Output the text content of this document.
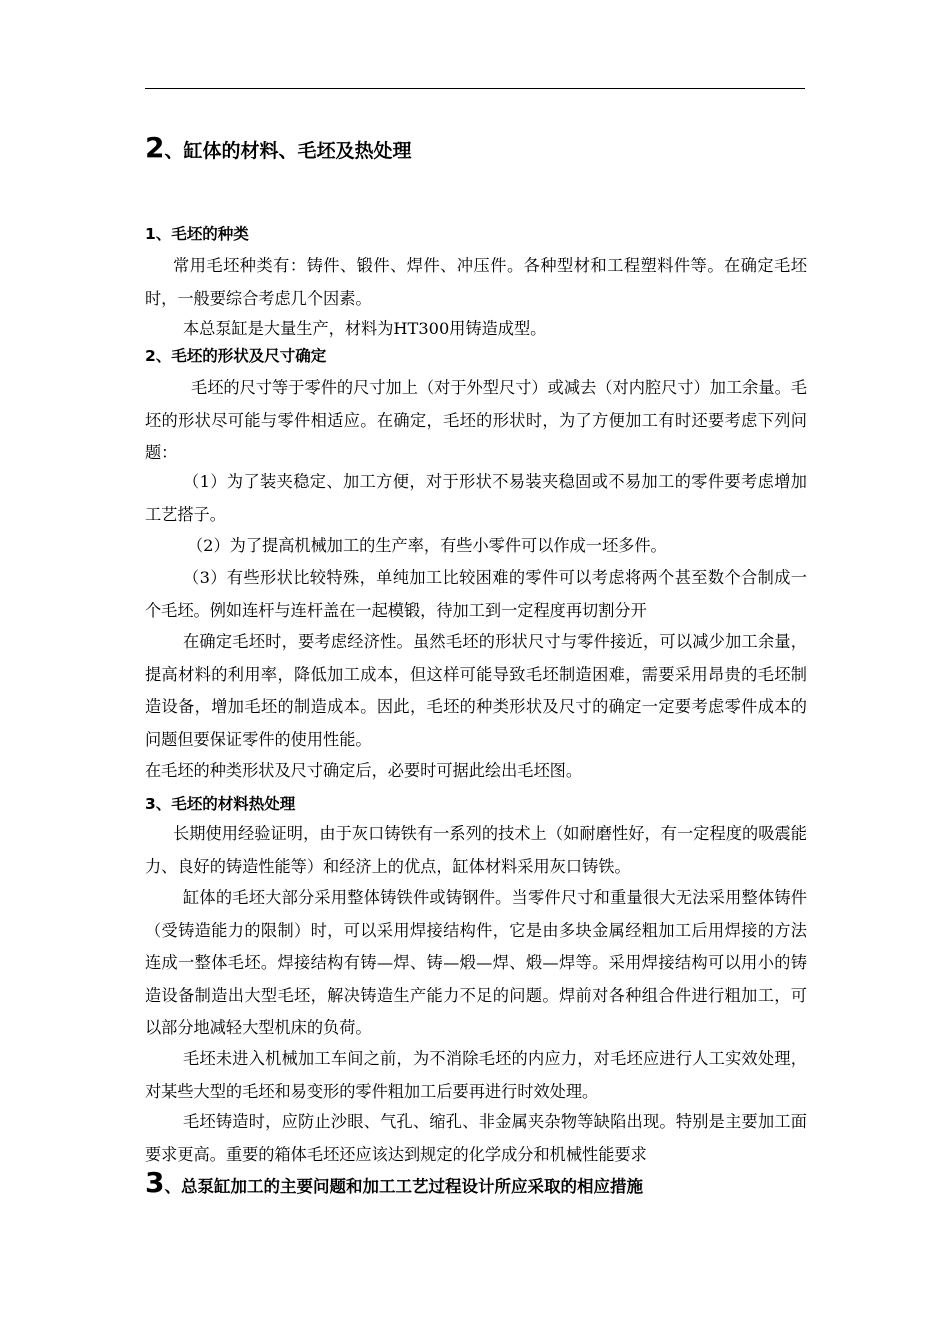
2、缸体的材料、毛坯及热处理
1、毛坯的种类

常用毛坯种类有：铸件、锻件、焊件、冲压件。各种型材和工程塑料件等。在确定毛坯时，一般要综合考虑几个因素。

本总泵缸是大量生产，材料为HT300用铸造成型。

2、毛坯的形状及尺寸确定

毛坯的尺寸等于零件的尺寸加上（对于外型尺寸）或减去（对内腔尺寸）加工余量。毛坯的形状尽可能与零件相适应。在确定，毛坯的形状时，为了方便加工有时还要考虑下列问题：

（1）为了装夹稳定、加工方便，对于形状不易装夹稳固或不易加工的零件要考虑增加工艺搭子。

（2）为了提高机械加工的生产率，有些小零件可以作成一坯多件。

（3）有些形状比较特殊，单纯加工比较困难的零件可以考虑将两个甚至数个合制成一个毛坯。例如连杆与连杆盖在一起模锻，待加工到一定程度再切割分开

在确定毛坯时，要考虑经济性。虽然毛坯的形状尺寸与零件接近，可以减少加工余量，提高材料的利用率，降低加工成本，但这样可能导致毛坯制造困难，需要采用昂贵的毛坯制造设备，增加毛坯的制造成本。因此，毛坯的种类形状及尺寸的确定一定要考虑零件成本的问题但要保证零件的使用性能。

在毛坯的种类形状及尺寸确定后，必要时可据此绘出毛坯图。

3、毛坯的材料热处理

长期使用经验证明，由于灰口铸铁有一系列的技术上（如耐磨性好，有一定程度的吸震能力、良好的铸造性能等）和经济上的优点，缸体材料采用灰口铸铁。

缸体的毛坯大部分采用整体铸铁件或铸钢件。当零件尺寸和重量很大无法采用整体铸件（受铸造能力的限制）时，可以采用焊接结构件，它是由多块金属经粗加工后用焊接的方法连成一整体毛坯。焊接结构有铸—焊、铸—煅—焊、煅—焊等。采用焊接结构可以用小的铸造设备制造出大型毛坯，解决铸造生产能力不足的问题。焊前对各种组合件进行粗加工，可以部分地减轻大型机床的负荷。

毛坯未进入机械加工车间之前，为不消除毛坯的内应力，对毛坯应进行人工实效处理，对某些大型的毛坯和易变形的零件粗加工后要再进行时效处理。

毛坯铸造时，应防止沙眼、气孔、缩孔、非金属夹杂物等缺陷出现。特别是主要加工面要求更高。重要的箱体毛坯还应该达到规定的化学成分和机械性能要求

3、总泵缸加工的主要问题和加工工艺过程设计所应采取的相应措施
